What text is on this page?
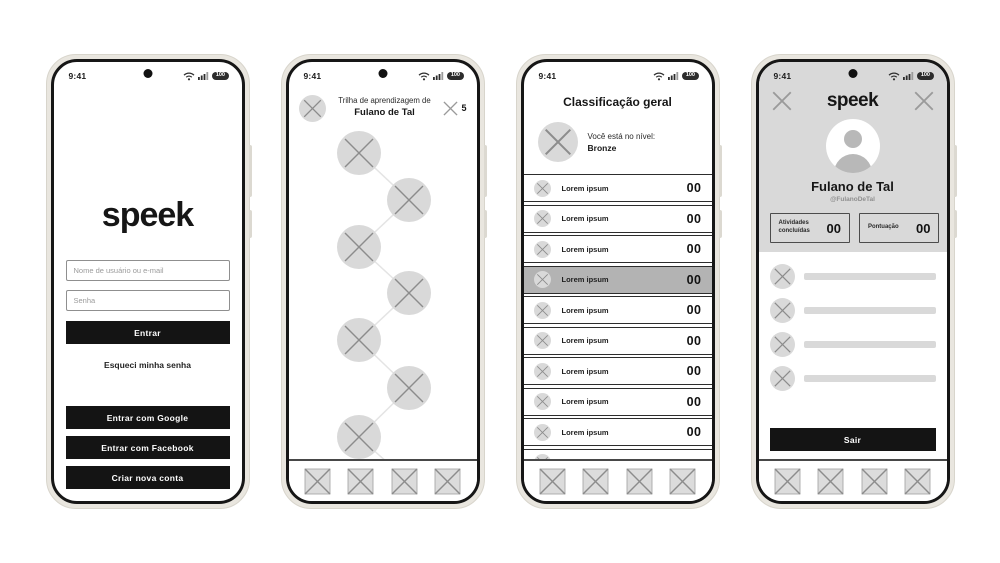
9:41	100
speek
Nome de usuário ou e-mail
Senha
Entrar
Esqueci minha senha
Entrar com Google
Entrar com Facebook
Criar nova conta
9:41	100
Trilha de aprendizagem de
Fulano de Tal	5
9:41	100
Classificação geral
Você está no nível:
Bronze
Lorem ipsum	00
Lorem ipsum	00
Lorem ipsum	00
Lorem ipsum	00
Lorem ipsum	00
Lorem ipsum	00
Lorem ipsum	00
Lorem ipsum	00
Lorem ipsum	00
9:41	100
speek
Fulano de Tal
@FulanoDeTal
Atividades concluídas	00	Pontuação	00
Sair
